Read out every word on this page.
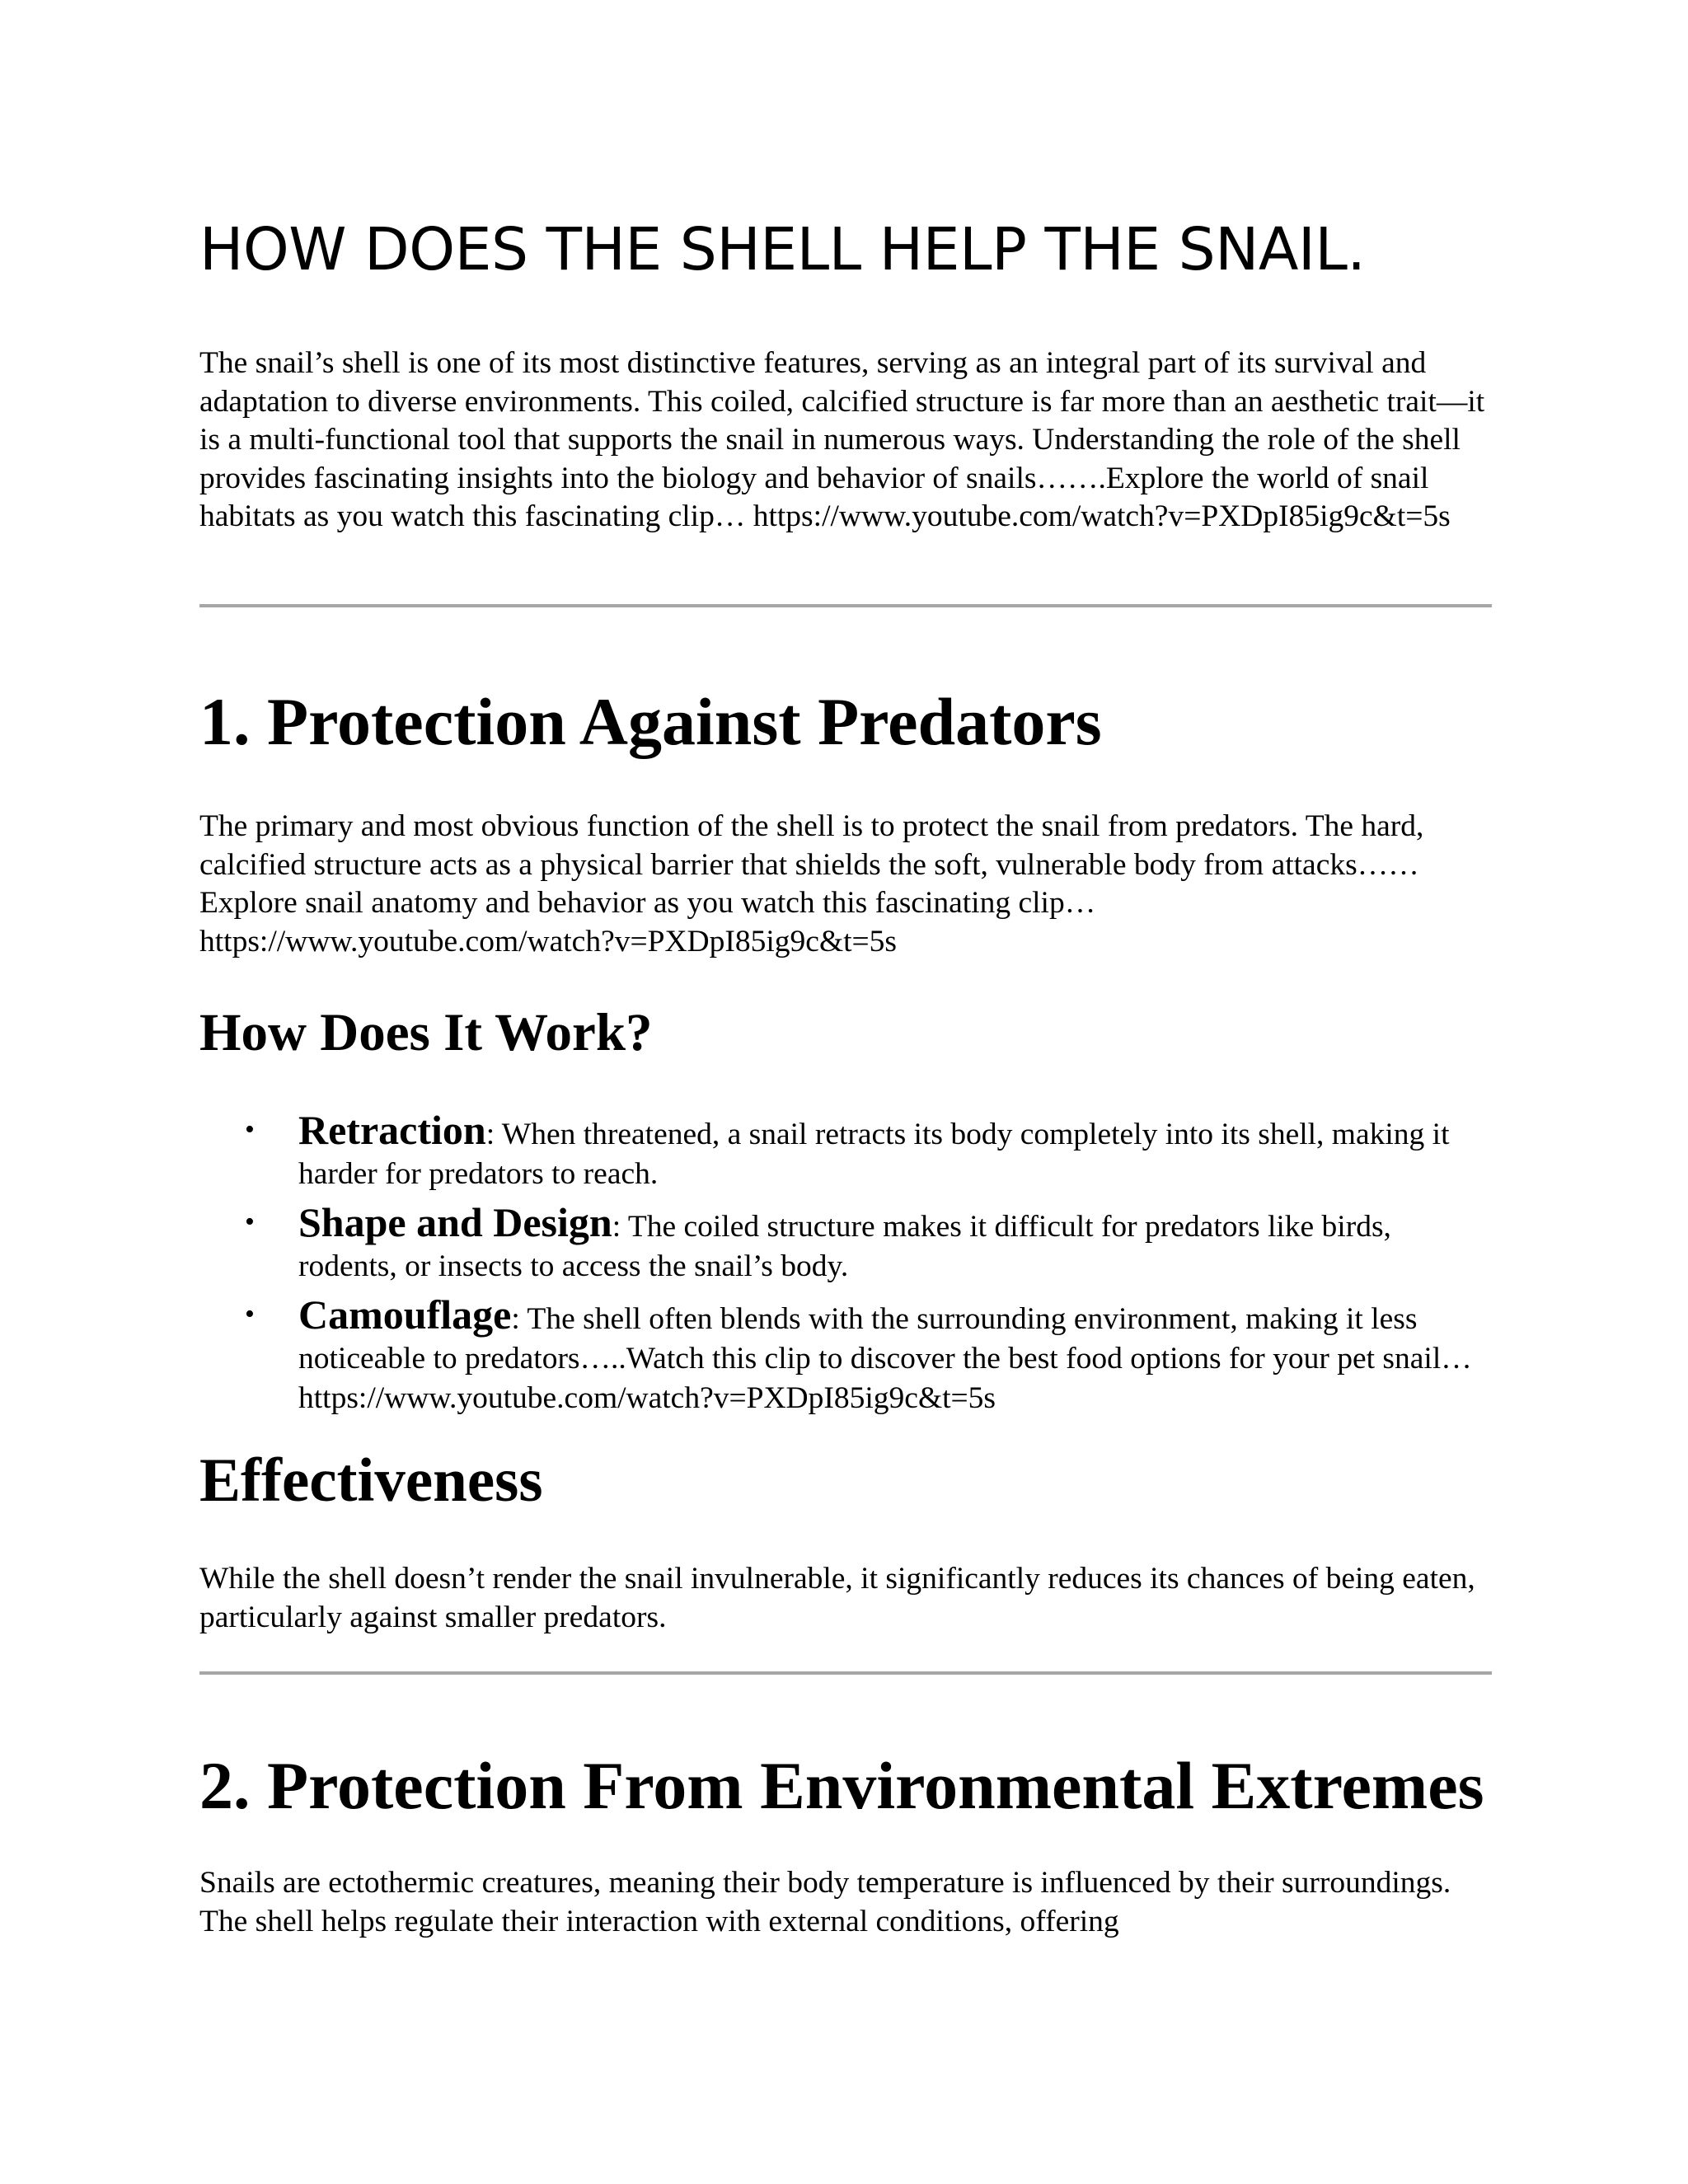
HOW DOES THE SHELL HELP THE SNAIL.

The snail’s shell is one of its most distinctive features, serving as an integral part of its survival and adaptation to diverse environments. This coiled, calcified structure is far more than an aesthetic trait—it is a multi-functional tool that supports the snail in numerous ways. Understanding the role of the shell provides fascinating insights into the biology and behavior of snails…….Explore the world of snail habitats as you watch this fascinating clip… https://www.youtube.com/watch?v=PXDpI85ig9c&t=5s

1. Protection Against Predators

The primary and most obvious function of the shell is to protect the snail from predators. The hard, calcified structure acts as a physical barrier that shields the soft, vulnerable body from attacks……Explore snail anatomy and behavior as you watch this fascinating clip… https://www.youtube.com/watch?v=PXDpI85ig9c&t=5s

How Does It Work?
• Retraction: When threatened, a snail retracts its body completely into its shell, making it harder for predators to reach.
• Shape and Design: The coiled structure makes it difficult for predators like birds, rodents, or insects to access the snail’s body.
• Camouflage: The shell often blends with the surrounding environment, making it less noticeable to predators…..Watch this clip to discover the best food options for your pet snail… https://www.youtube.com/watch?v=PXDpI85ig9c&t=5s
Effectiveness

While the shell doesn’t render the snail invulnerable, it significantly reduces its chances of being eaten, particularly against smaller predators.

2. Protection From Environmental Extremes

Snails are ectothermic creatures, meaning their body temperature is influenced by their surroundings. The shell helps regulate their interaction with external conditions, offering
